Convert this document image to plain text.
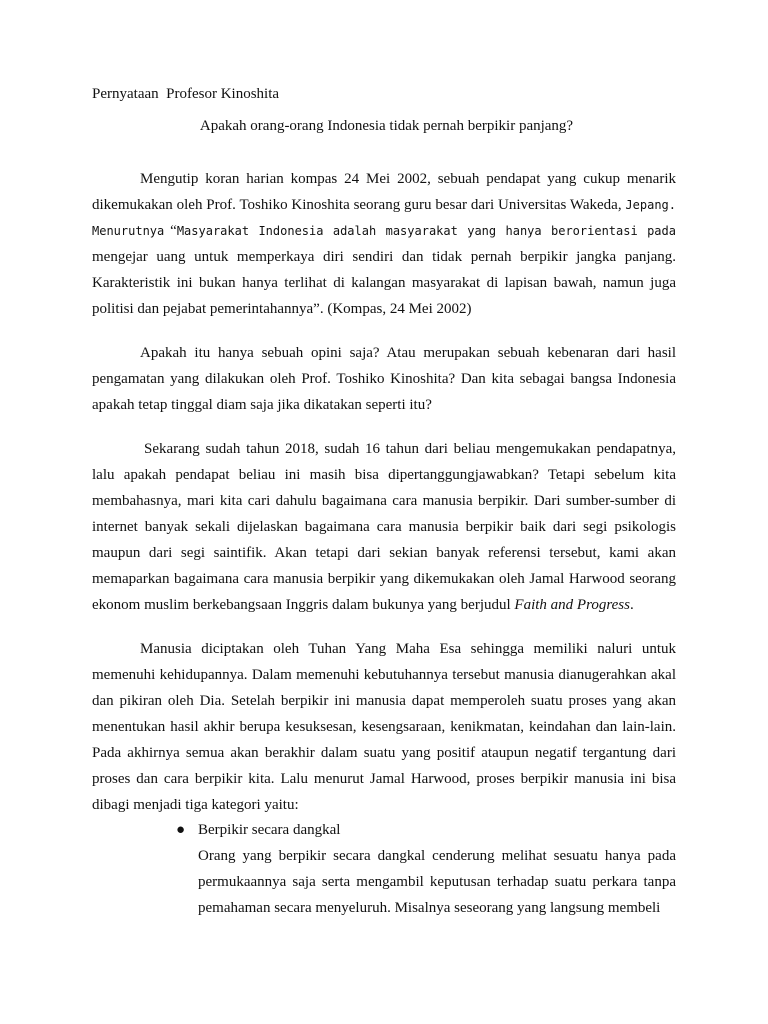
Pernyataan  Profesor Kinoshita
Apakah orang-orang Indonesia tidak pernah berpikir panjang?

Mengutip koran harian kompas 24 Mei 2002, sebuah pendapat yang cukup menarik dikemukakan oleh Prof. Toshiko Kinoshita seorang guru besar dari Universitas Wakeda, Jepang. Menurutnya “Masyarakat Indonesia adalah masyarakat yang hanya berorientasi pada mengejar uang untuk memperkaya diri sendiri dan tidak pernah berpikir jangka panjang. Karakteristik ini bukan hanya terlihat di kalangan masyarakat di lapisan bawah, namun juga politisi dan pejabat pemerintahannya”. (Kompas, 24 Mei 2002)

Apakah itu hanya sebuah opini saja? Atau merupakan sebuah kebenaran dari hasil pengamatan yang dilakukan oleh Prof. Toshiko Kinoshita? Dan kita sebagai bangsa Indonesia apakah tetap tinggal diam saja jika dikatakan seperti itu?

Sekarang sudah tahun 2018, sudah 16 tahun dari beliau mengemukakan pendapatnya, lalu apakah pendapat beliau ini masih bisa dipertanggungjawabkan? Tetapi sebelum kita membahasnya, mari kita cari dahulu bagaimana cara manusia berpikir. Dari sumber-sumber di internet banyak sekali dijelaskan bagaimana cara manusia berpikir baik dari segi psikologis maupun dari segi saintifik. Akan tetapi dari sekian banyak referensi tersebut, kami akan memaparkan bagaimana cara manusia berpikir yang dikemukakan oleh Jamal Harwood seorang ekonom muslim berkebangsaan Inggris dalam bukunya yang berjudul Faith and Progress.

Manusia diciptakan oleh Tuhan Yang Maha Esa sehingga memiliki naluri untuk memenuhi kehidupannya. Dalam memenuhi kebutuhannya tersebut manusia dianugerahkan akal dan pikiran oleh Dia. Setelah berpikir ini manusia dapat memperoleh suatu proses yang akan menentukan hasil akhir berupa kesuksesan, kesengsaraan, kenikmatan, keindahan dan lain-lain. Pada akhirnya semua akan berakhir dalam suatu yang positif ataupun negatif tergantung dari proses dan cara berpikir kita. Lalu menurut Jamal Harwood, proses berpikir manusia ini bisa dibagi menjadi tiga kategori yaitu:

● Berpikir secara dangkal
Orang yang berpikir secara dangkal cenderung melihat sesuatu hanya pada permukaannya saja serta mengambil keputusan terhadap suatu perkara tanpa pemahaman secara menyeluruh. Misalnya seseorang yang langsung membeli
